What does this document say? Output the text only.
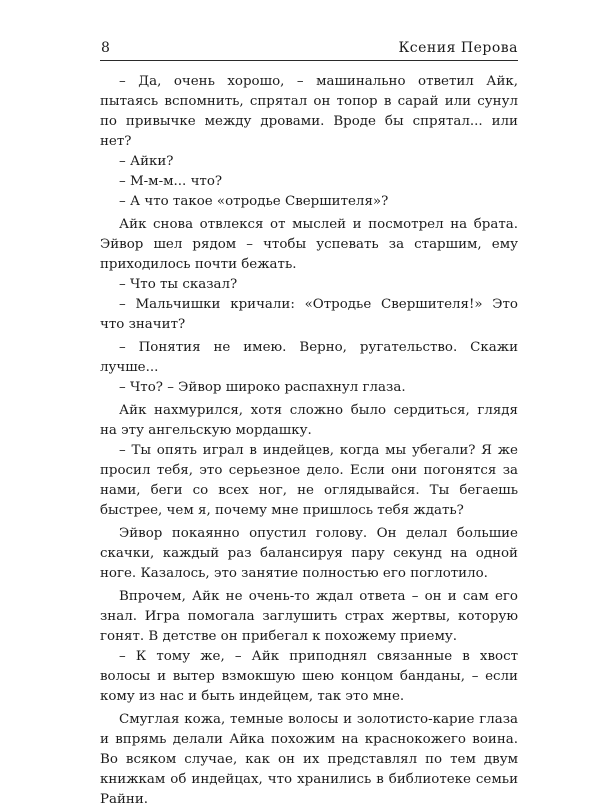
8	Ксения Перова

– Да, очень хорошо, – машинально ответил Айк, пытаясь вспомнить, спрятал он топор в сарай или сунул по привычке между дровами. Вроде бы спрятал... или нет?

– Айки?

– М-м-м... что?

– А что такое «отродье Свершителя»?

Айк снова отвлекся от мыслей и посмотрел на брата. Эйвор шел рядом – чтобы успевать за старшим, ему приходилось почти бежать.

– Что ты сказал?

– Мальчишки кричали: «Отродье Свершителя!» Это что значит?

– Понятия не имею. Верно, ругательство. Скажи лучше...

– Что? – Эйвор широко распахнул глаза.

Айк нахмурился, хотя сложно было сердиться, глядя на эту ангельскую мордашку.

– Ты опять играл в индейцев, когда мы убегали? Я же просил тебя, это серьезное дело. Если они погонятся за нами, беги со всех ног, не оглядывайся. Ты бегаешь быстрее, чем я, почему мне пришлось тебя ждать?

Эйвор покаянно опустил голову. Он делал большие скачки, каждый раз балансируя пару секунд на одной ноге. Казалось, это занятие полностью его поглотило.

Впрочем, Айк не очень-то ждал ответа – он и сам его знал. Игра помогала заглушить страх жертвы, которую гонят. В детстве он прибегал к похожему приему.

– К тому же, – Айк приподнял связанные в хвост волосы и вытер взмокшую шею концом банданы, – если кому из нас и быть индейцем, так это мне.

Смуглая кожа, темные волосы и золотисто-карие глаза и впрямь делали Айка похожим на краснокожего воина. Во всяком случае, как он их представлял по тем двум книжкам об индейцах, что хранились в библиотеке семьи Райни.
